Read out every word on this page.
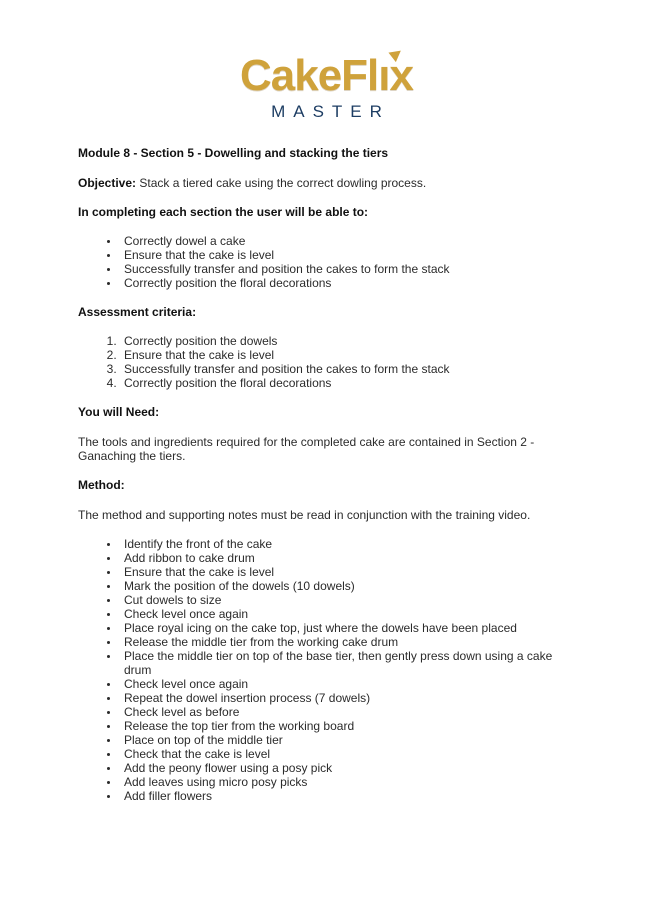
CakeFlı
x
MASTER
Module 8 - Section 5 - Dowelling and stacking the tiers

Objective: Stack a tiered cake using the correct dowling process.

In completing each section the user will be able to:
• Correctly dowel a cake
• Ensure that the cake is level
• Successfully transfer and position the cakes to form the stack
• Correctly position the floral decorations
Assessment criteria:
1. Correctly position the dowels
2. Ensure that the cake is level
3. Successfully transfer and position the cakes to form the stack
4. Correctly position the floral decorations
You will Need:

The tools and ingredients required for the completed cake are contained in Section 2 - Ganaching the tiers.

Method:

The method and supporting notes must be read in conjunction with the training video.

• Identify the front of the cake
• Add ribbon to cake drum
• Ensure that the cake is level
• Mark the position of the dowels (10 dowels)
• Cut dowels to size
• Check level once again
• Place royal icing on the cake top, just where the dowels have been placed
• Release the middle tier from the working cake drum
• Place the middle tier on top of the base tier, then gently press down using a cake drum
• Check level once again
• Repeat the dowel insertion process (7 dowels)
• Check level as before
• Release the top tier from the working board
• Place on top of the middle tier
• Check that the cake is level
• Add the peony flower using a posy pick
• Add leaves using micro posy picks
• Add filler flowers
